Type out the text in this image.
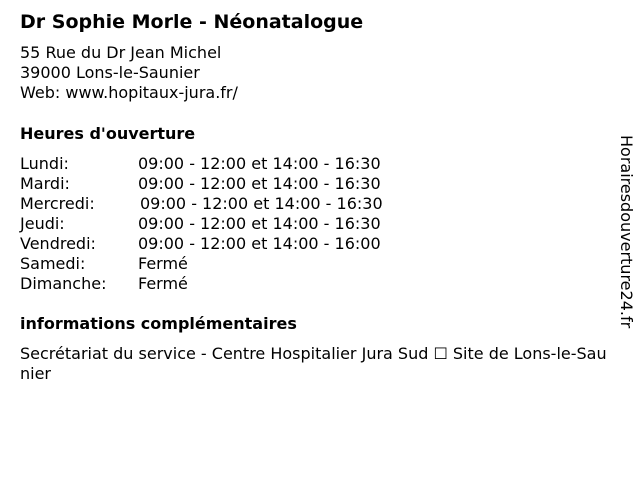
Dr Sophie Morle - Néonatalogue
55 Rue du Dr Jean Michel
39000 Lons-le-Saunier
Web: www.hopitaux-jura.fr/
Heures d'ouverture
Lundi:	09:00 - 12:00 et 14:00 - 16:30
Mardi:	09:00 - 12:00 et 14:00 - 16:30
Mercredi:	09:00 - 12:00 et 14:00 - 16:30
Jeudi:	09:00 - 12:00 et 14:00 - 16:30
Vendredi:	09:00 - 12:00 et 14:00 - 16:00
Samedi:	Fermé
Dimanche: Fermé
informations complémentaires
Secrétariat du service - Centre Hospitalier Jura Sud ☐ Site de Lons-le-Saunier
Horairesdouverture24.fr
